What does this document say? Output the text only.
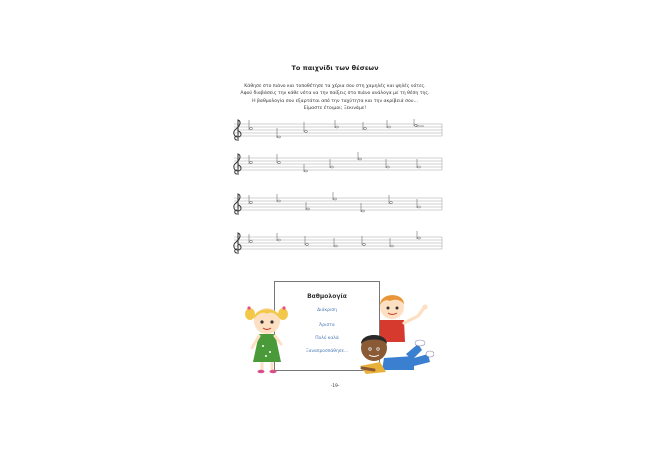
Το παιχνίδι των θέσεων
Κάθησε στο πιάνο και τοποθέτησε τα χέρια σου στη χαμηλές και ψηλές νότες.
Αφού διαβάσεις την κάθε νότα να την παίξεις στο πιάνο ανάλογα με τη θέση της.
Η βαθμολογία σου εξαρτάται από την ταχύτητα και την ακρίβειά σου...
Είμαστε έτοιμοι; Ξεκινάμε!
Βαθμολογία
Διάκριση
Άριστα
Πολύ καλά
Ξαναπροσπάθησε...
-19-
